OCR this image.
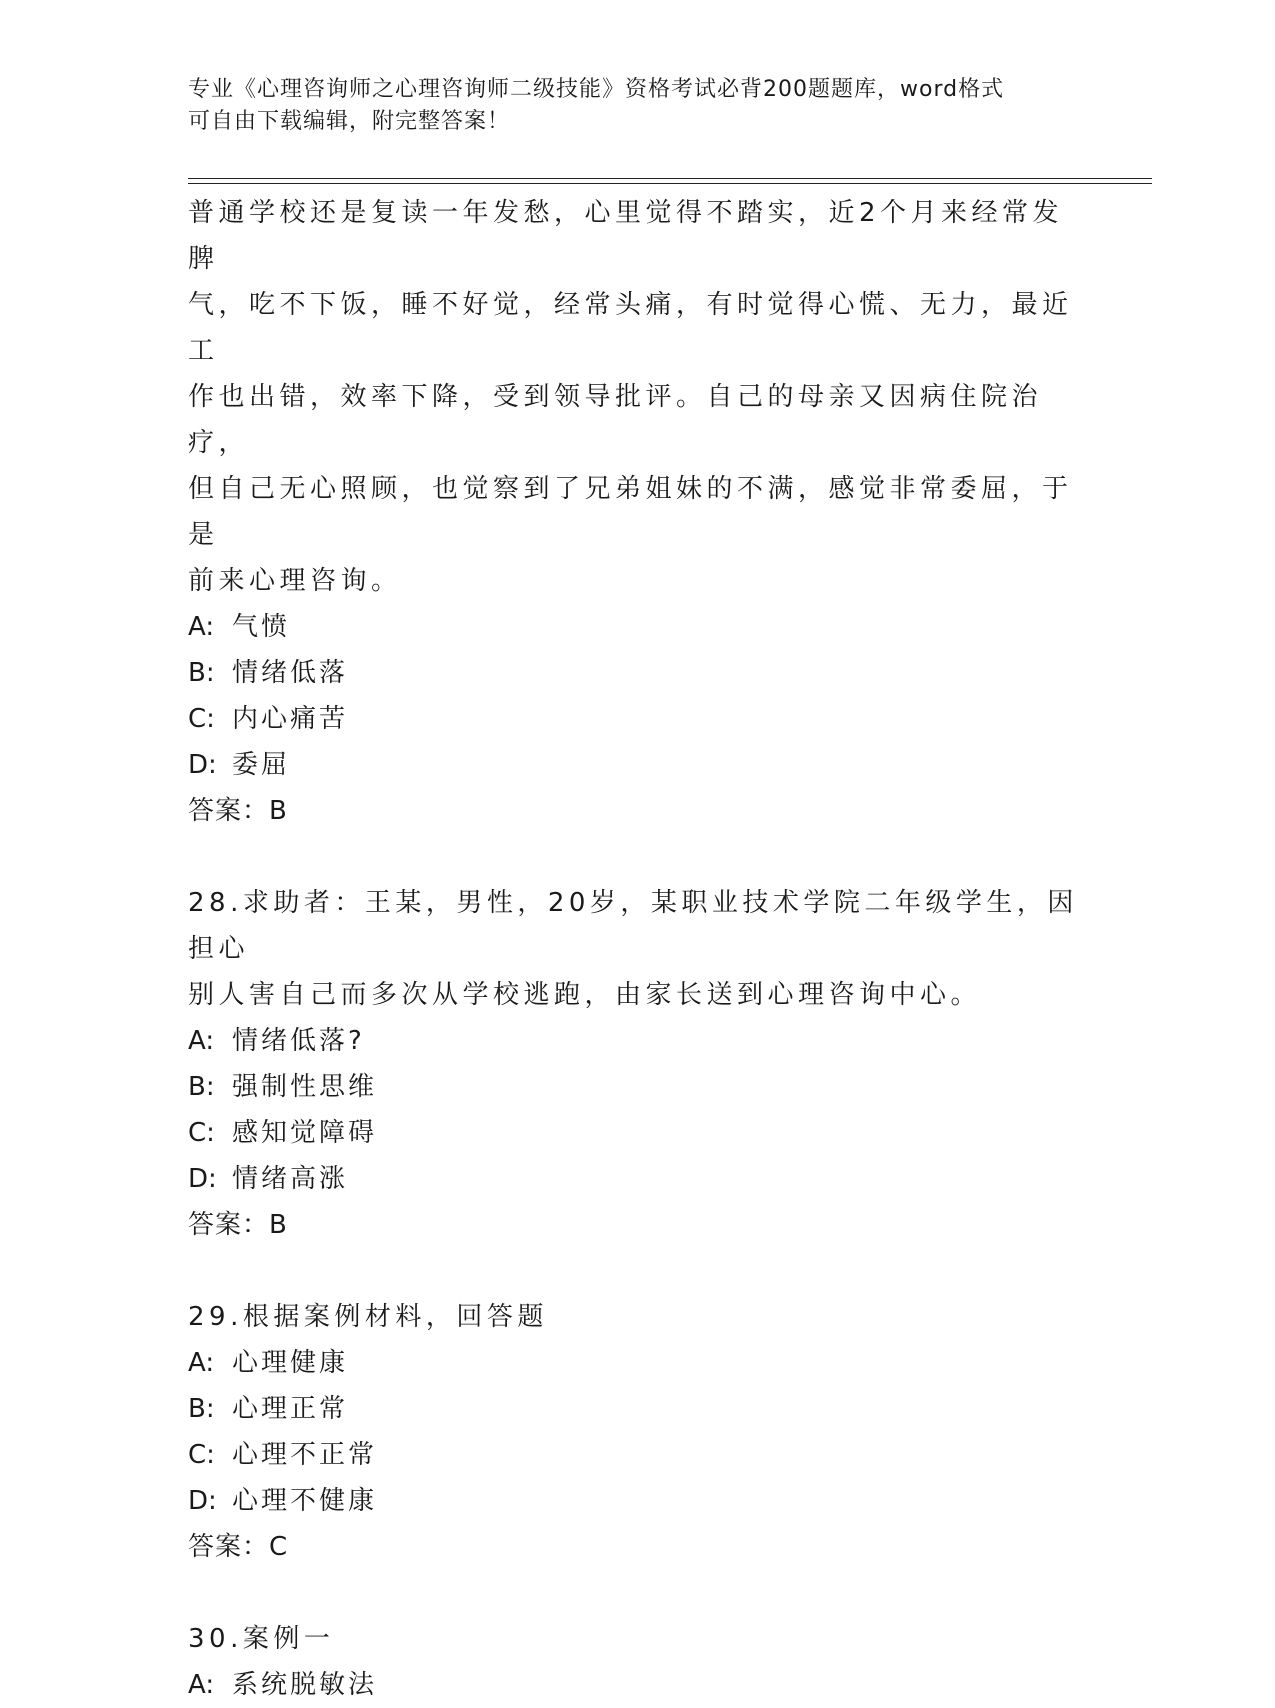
专业《心理咨询师之心理咨询师二级技能》资格考试必背200题题库，word格式
可自由下载编辑，附完整答案！

普通学校还是复读一年发愁，心里觉得不踏实，近2个月来经常发脾

气，吃不下饭，睡不好觉，经常头痛，有时觉得心慌、无力，最近工

作也出错，效率下降，受到领导批评。自己的母亲又因病住院治疗，

但自己无心照顾，也觉察到了兄弟姐妹的不满，感觉非常委屈，于是

前来心理咨询。

A: 气愤

B: 情绪低落

C: 内心痛苦

D: 委屈

答案：B

28.求助者：王某，男性，20岁，某职业技术学院二年级学生，因担心

别人害自己而多次从学校逃跑，由家长送到心理咨询中心。

A: 情绪低落?

B: 强制性思维

C: 感知觉障碍

D: 情绪高涨

答案：B

29.根据案例材料，回答题

A: 心理健康

B: 心理正常

C: 心理不正常

D: 心理不健康

答案：C

30.案例一

A: 系统脱敏法
